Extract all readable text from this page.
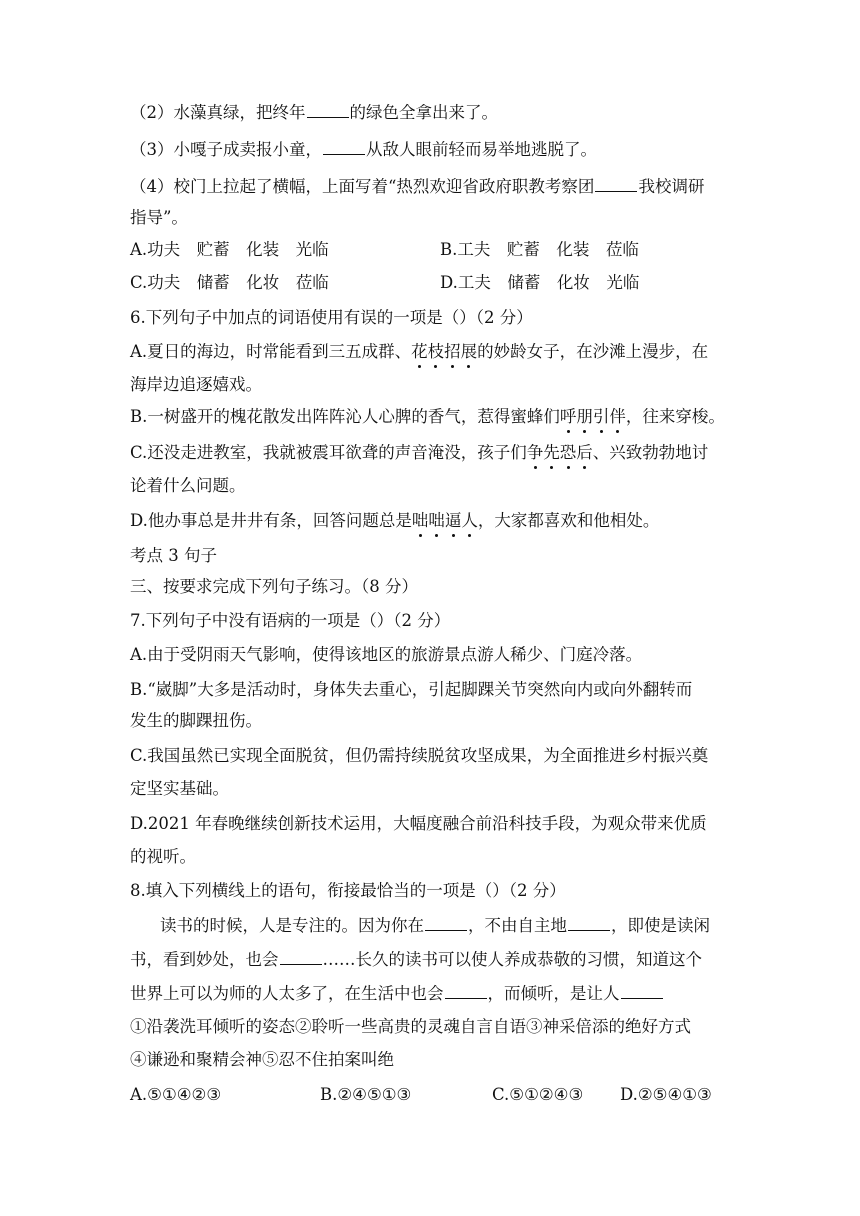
（2）水藻真绿，把终年	的绿色全拿出来了。
（3）小嘎子成卖报小童，	从敌人眼前轻而易举地逃脱了。
（4）校门上拉起了横幅，上面写着“热烈欢迎省政府职教考察团	我校调研
指导”。
A.功夫　贮蓄　化装　光临	B.工夫　贮蓄　化装　莅临
C.功夫　储蓄　化妆　莅临	D.工夫　储蓄　化妆　光临
6.下列句子中加点的词语使用有误的一项是（）（2 分）
A.夏日的海边，时常能看到三五成群、花枝招展的妙龄女子，在沙滩上漫步，在
海岸边追逐嬉戏。
B.一树盛开的槐花散发出阵阵沁人心脾的香气，惹得蜜蜂们呼朋引伴，往来穿梭。
C.还没走进教室，我就被震耳欲聋的声音淹没，孩子们争先恐后、兴致勃勃地讨
论着什么问题。
D.他办事总是井井有条，回答问题总是咄咄逼人，大家都喜欢和他相处。
考点 3 句子
三、按要求完成下列句子练习。（8 分）
7.下列句子中没有语病的一项是（）（2 分）
A.由于受阴雨天气影响，使得该地区的旅游景点游人稀少、门庭冷落。
B.“崴脚”大多是活动时，身体失去重心，引起脚踝关节突然向内或向外翻转而
发生的脚踝扭伤。
C.我国虽然已实现全面脱贫，但仍需持续脱贫攻坚成果，为全面推进乡村振兴奠
定坚实基础。
D.2021 年春晚继续创新技术运用，大幅度融合前沿科技手段，为观众带来优质
的视听。
8.填入下列横线上的语句，衔接最恰当的一项是（）（2 分）
读书的时候，人是专注的。因为你在	，不由自主地	，即使是读闲
书，看到妙处，也会	……长久的读书可以使人养成恭敬的习惯，知道这个
世界上可以为师的人太多了，在生活中也会	，而倾听，是让人
①沿袭洗耳倾听的姿态②聆听一些高贵的灵魂自言自语③神采倍添的绝好方式
④谦逊和聚精会神⑤忍不住拍案叫绝
A.⑤①④②③	B.②④⑤①③	C.⑤①②④③ D.②⑤④①③
